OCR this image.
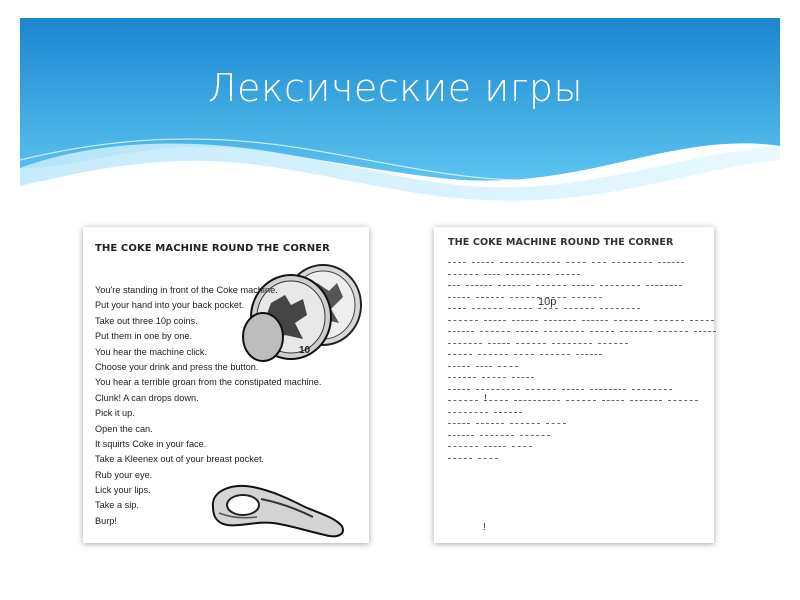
Лексические игры
THE COKE MACHINE ROUND THE CORNER
10
You're standing in front of the Coke machine.
Put your hand into your back pocket.
Take out three 10p coins.
Put them in one by one.
You hear the machine click.
Choose your drink and press the button.
You hear a terrible groan from the constipated machine.
Clunk! A can drops down.
Pick it up.
Open the can.
It squirts Coke in your face.
Take a Kleenex out of your breast pocket.
Rub your eye.
Lick your lips.
Take a sip.
Burp!
THE COKE MACHINE ROUND THE CORNER
10p
!
!
